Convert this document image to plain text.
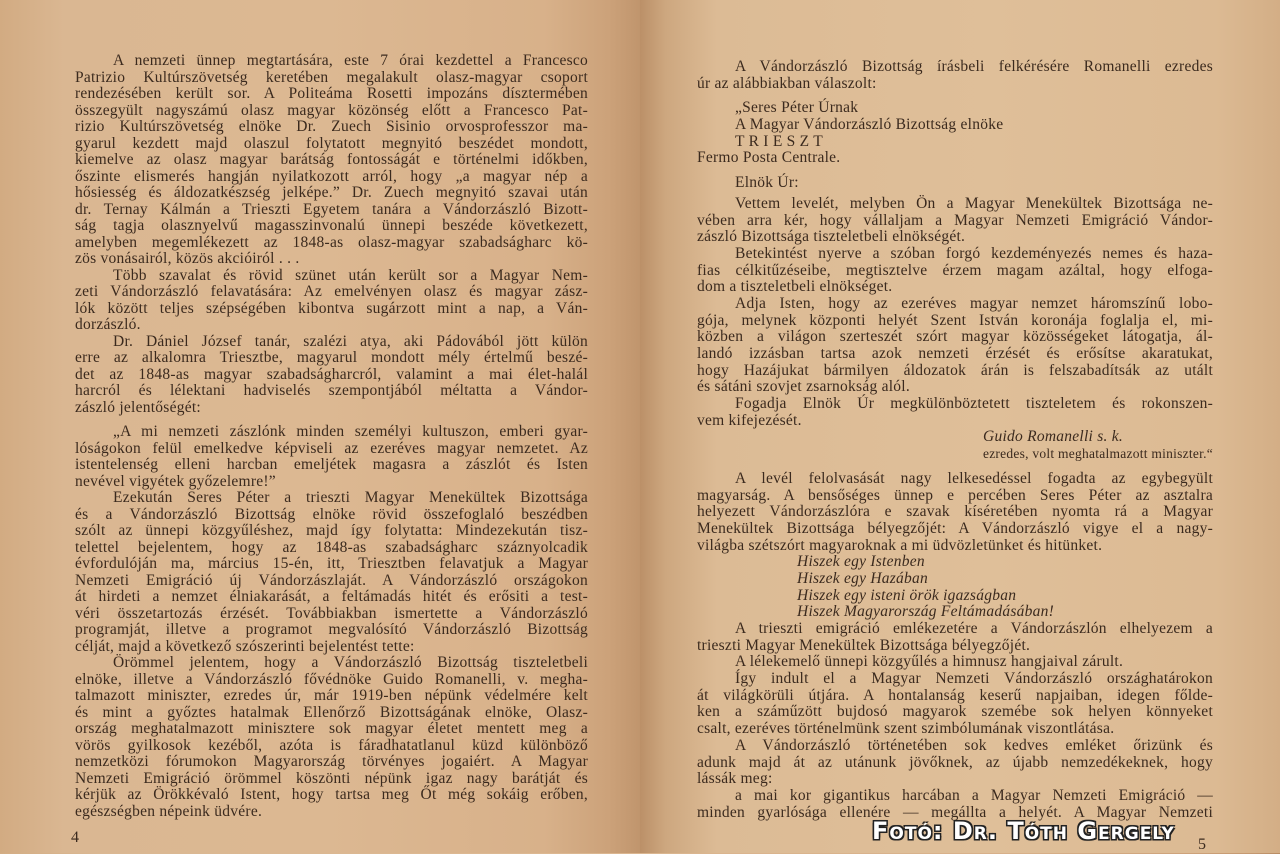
A nemzeti ünnep megtartására, este 7 órai kezdettel a Francesco
Patrizio Kultúrszövetség keretében megalakult olasz-magyar csoport
rendezésében került sor. A Politeáma Rosetti impozáns dísztermében
összegyült nagyszámú olasz magyar közönség előtt a Francesco Pat-
rizio Kultúrszövetség elnöke Dr. Zuech Sisinio orvosprofesszor ma-
gyarul kezdett majd olaszul folytatott megnyitó beszédet mondott,
kiemelve az olasz magyar barátság fontosságát e történelmi időkben,
őszinte elismerés hangján nyilatkozott arról, hogy „a magyar nép a
hősiesség és áldozatkészség jelképe.” Dr. Zuech megnyitó szavai után
dr. Ternay Kálmán a Trieszti Egyetem tanára a Vándorzászló Bizott-
ság tagja olasznyelvű magasszinvonalú ünnepi beszéde következett,
amelyben megemlékezett az 1848-as olasz-magyar szabadságharc kö-
zös vonásairól, közös akcióiról . . .
Több szavalat és rövid szünet után került sor a Magyar Nem-
zeti Vándorzászló felavatására: Az emelvényen olasz és magyar zász-
lók között teljes szépségében kibontva sugárzott mint a nap, a Ván-
dorzászló.
Dr. Dániel József tanár, szalézi atya, aki Pádovából jött külön
erre az alkalomra Triesztbe, magyarul mondott mély értelmű beszé-
det az 1848-as magyar szabadságharcról, valamint a mai élet-halál
harcról és lélektani hadviselés szempontjából méltatta a Vándor-
zászló jelentőségét:
„A mi nemzeti zászlónk minden személyi kultuszon, emberi gyar-
lóságokon felül emelkedve képviseli az ezeréves magyar nemzetet. Az
istentelenség elleni harcban emeljétek magasra a zászlót és Isten
nevével vigyétek győzelemre!”
Ezekután Seres Péter a trieszti Magyar Menekültek Bizottsága
és a Vándorzászló Bizottság elnöke rövid összefoglaló beszédben
szólt az ünnepi közgyűléshez, majd így folytatta: Mindezekután tisz-
telettel bejelentem, hogy az 1848-as szabadságharc száznyolcadik
évfordulóján ma, március 15-én, itt, Triesztben felavatjuk a Magyar
Nemzeti Emigráció új Vándorzászlaját. A Vándorzászló országokon
át hirdeti a nemzet élniakarását, a feltámadás hitét és erősiti a test-
véri összetartozás érzését. Továbbiakban ismertette a Vándorzászló
programját, illetve a programot megvalósító Vándorzászló Bizottság
célját, majd a következő szószerinti bejelentést tette:
Örömmel jelentem, hogy a Vándorzászló Bizottság tiszteletbeli
elnöke, illetve a Vándorzászló fővédnöke Guido Romanelli, v. megha-
talmazott miniszter, ezredes úr, már 1919-ben népünk védelmére kelt
és mint a győztes hatalmak Ellenőrző Bizottságának elnöke, Olasz-
ország meghatalmazott minisztere sok magyar életet mentett meg a
vörös gyilkosok kezéből, azóta is fáradhatatlanul küzd különböző
nemzetközi fórumokon Magyarország törvényes jogaiért. A Magyar
Nemzeti Emigráció örömmel köszönti népünk igaz nagy barátját és
kérjük az Örökkévaló Istent, hogy tartsa meg Őt még sokáig erőben,
egészségben népeink üdvére.
A Vándorzászló Bizottság írásbeli felkérésére Romanelli ezredes
úr az alábbiakban válaszolt:
„Seres Péter Úrnak
A Magyar Vándorzászló Bizottság elnöke
T R I E S Z T
Fermo Posta Centrale.
Elnök Úr:
Vettem levelét, melyben Ön a Magyar Menekültek Bizottsága ne-
vében arra kér, hogy vállaljam a Magyar Nemzeti Emigráció Vándor-
zászló Bizottsága tiszteletbeli elnökségét.
Betekintést nyerve a szóban forgó kezdeményezés nemes és haza-
fias célkitűzéseibe, megtisztelve érzem magam azáltal, hogy elfoga-
dom a tiszteletbeli elnökséget.
Adja Isten, hogy az ezeréves magyar nemzet háromszínű lobo-
gója, melynek központi helyét Szent István koronája foglalja el, mi-
közben a világon szerteszét szórt magyar közösségeket látogatja, ál-
landó izzásban tartsa azok nemzeti érzését és erősítse akaratukat,
hogy Hazájukat bármilyen áldozatok árán is felszabadítsák az utált
és sátáni szovjet zsarnokság alól.
Fogadja Elnök Úr megkülönböztetett tiszteletem és rokonszen-
vem kifejezését.
Guido Romanelli s. k.
ezredes, volt meghatalmazott miniszter.“
A levél felolvasását nagy lelkesedéssel fogadta az egybegyült
magyarság. A bensőséges ünnep e percében Seres Péter az asztalra
helyezett Vándorzászlóra e szavak kíséretében nyomta rá a Magyar
Menekültek Bizottsága bélyegzőjét: A Vándorzászló vigye el a nagy-
világba szétszórt magyaroknak a mi üdvözletünket és hitünket.
Hiszek egy Istenben
Hiszek egy Hazában
Hiszek egy isteni örök igazságban
Hiszek Magyarország Feltámadásában!
A trieszti emigráció emlékezetére a Vándorzászlón elhelyezem a
trieszti Magyar Menekültek Bizottsága bélyegzőjét.
A lélekemelő ünnepi közgyűlés a himnusz hangjaival zárult.
Így indult el a Magyar Nemzeti Vándorzászló országhatárokon
át világkörüli útjára. A hontalanság keserű napjaiban, idegen főlde-
ken a száműzött bujdosó magyarok szemébe sok helyen könnyeket
csalt, ezeréves történelmünk szent szimbólumának viszontlátása.
A Vándorzászló történetében sok kedves emléket őrizünk és
adunk majd át az utánunk jövőknek, az újabb nemzedékeknek, hogy
lássák meg:
a mai kor gigantikus harcában a Magyar Nemzeti Emigráció —
minden gyarlósága ellenére — megállta a helyét. A Magyar Nemzeti
4	5
Fotó: Dr. Tóth Gergely
